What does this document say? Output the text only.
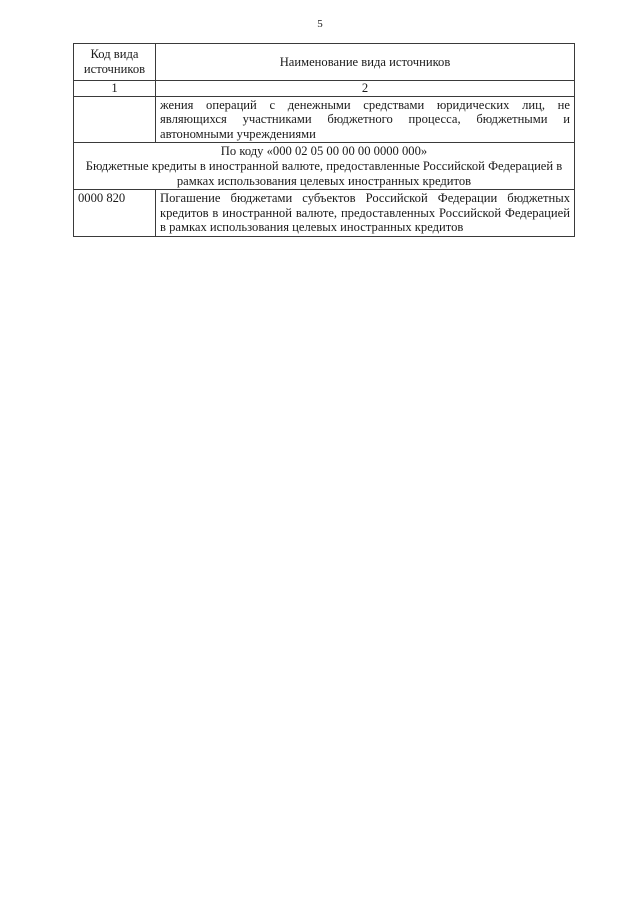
5
Код вида источников	Наименование вида источников
1	2
	жения операций с денежными средствами юридических лиц, не являющихся участниками бюджетного процесса, бюджетными и автономными учреждениями

По коду «000 02 05 00 00 00 0000 000»
Бюджетные кредиты в иностранной валюте, предоставленные Российской Федерацией в рамках использования целевых иностранных кредитов	

0000 820	Погашение бюджетами субъектов Российской Федерации бюджетных кредитов в иностранной валюте, предоставленных Российской Федерацией в рамках использования целевых иностранных кредитов
